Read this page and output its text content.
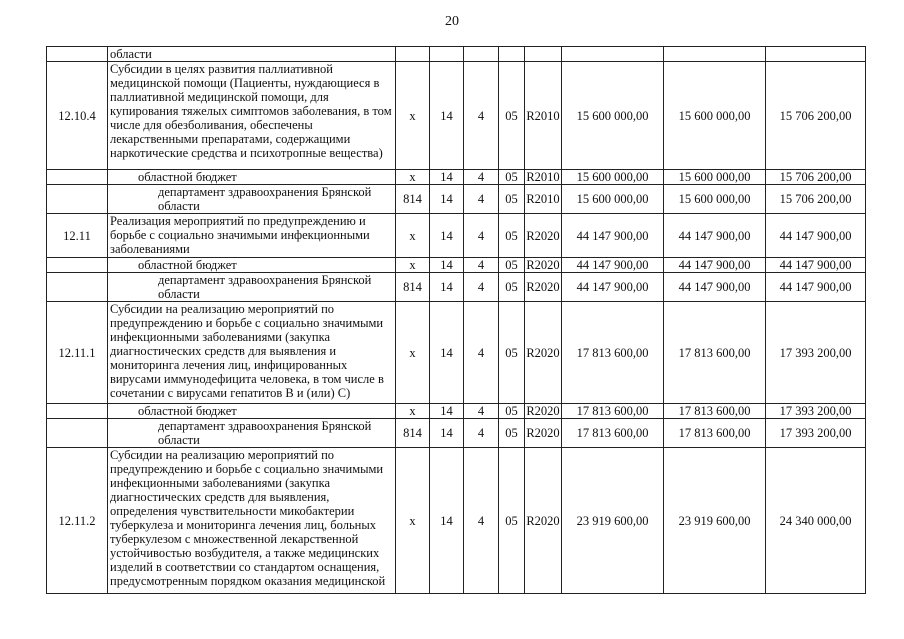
20
	области								
12.10.4	Субсидии в целях развития паллиативной медицинской помощи (Пациенты, нуждающиеся в паллиативной медицинской помощи, для купирования тяжелых симптомов заболевания, в том числе для обезболивания, обеспечены лекарственными препаратами, содержащими наркотические средства и психотропные вещества)	х	14	4	05	R2010	15 600 000,00	15 600 000,00	15 706 200,00
	областной бюджет	х	14	4	05	R2010	15 600 000,00	15 600 000,00	15 706 200,00
	департамент здравоохранения Брянской области	814	14	4	05	R2010	15 600 000,00	15 600 000,00	15 706 200,00
12.11	Реализация мероприятий по предупреждению и борьбе с социально значимыми инфекционными заболеваниями	х	14	4	05	R2020	44 147 900,00	44 147 900,00	44 147 900,00
	областной бюджет	х	14	4	05	R2020	44 147 900,00	44 147 900,00	44 147 900,00
	департамент здравоохранения Брянской области	814	14	4	05	R2020	44 147 900,00	44 147 900,00	44 147 900,00
12.11.1	Субсидии на реализацию мероприятий по предупреждению и борьбе с социально значимыми инфекционными заболеваниями (закупка диагностических средств для выявления и мониторинга лечения лиц, инфицированных вирусами иммунодефицита человека, в том числе в сочетании с вирусами гепатитов В и (или) С)	х	14	4	05	R2020	17 813 600,00	17 813 600,00	17 393 200,00
	областной бюджет	х	14	4	05	R2020	17 813 600,00	17 813 600,00	17 393 200,00
	департамент здравоохранения Брянской области	814	14	4	05	R2020	17 813 600,00	17 813 600,00	17 393 200,00
12.11.2	Субсидии на реализацию мероприятий по предупреждению и борьбе с социально значимыми инфекционными заболеваниями (закупка диагностических средств для выявления, определения чувствительности микобактерии туберкулеза и мониторинга лечения лиц, больных туберкулезом с множественной лекарственной устойчивостью возбудителя, а также медицинских изделий в соответствии со стандартом оснащения, предусмотренным порядком оказания медицинской	х	14	4	05	R2020	23 919 600,00	23 919 600,00	24 340 000,00
